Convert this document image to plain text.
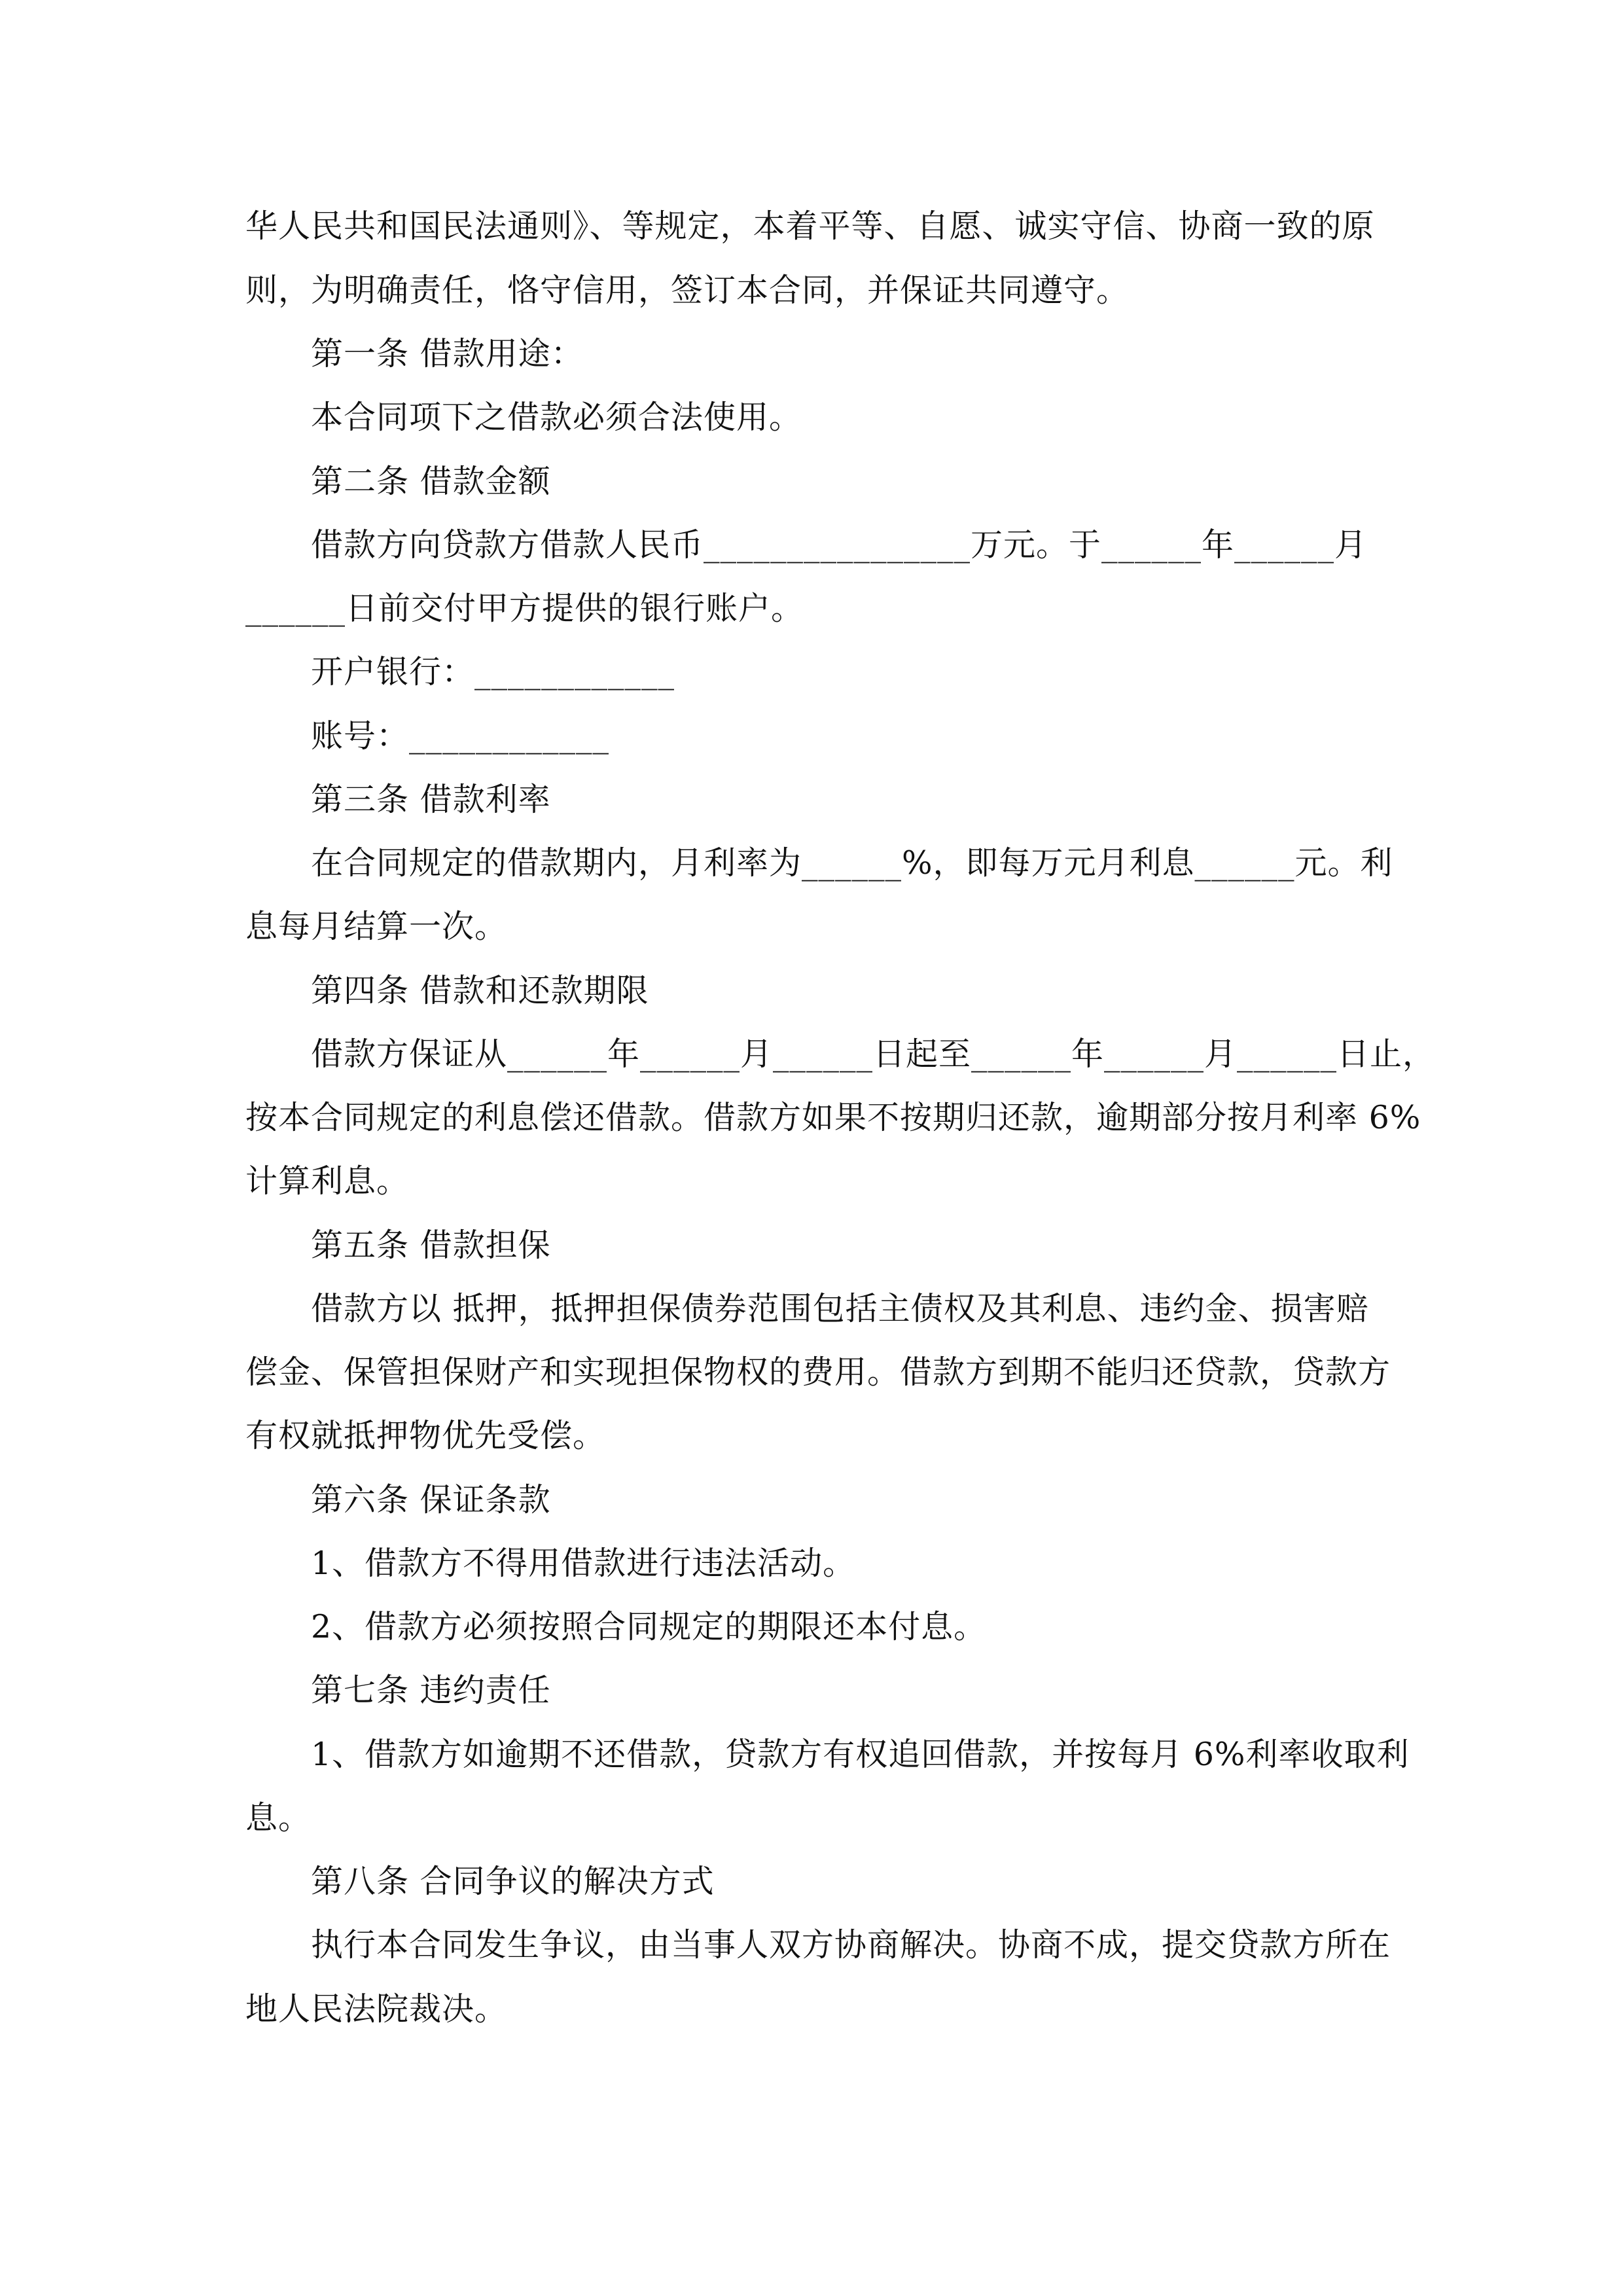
华人民共和国民法通则》、等规定，本着平等、自愿、诚实守信、协商一致的原
则，为明确责任，恪守信用，签订本合同，并保证共同遵守。
第一条 借款用途：
本合同项下之借款必须合法使用。
第二条 借款金额
借款方向贷款方借款人民币________________万元。于______年______月
______日前交付甲方提供的银行账户。
开户银行：____________
账号：____________
第三条 借款利率
在合同规定的借款期内，月利率为______%，即每万元月利息______元。利
息每月结算一次。
第四条 借款和还款期限
借款方保证从______年______月______日起至______年______月______日止，
按本合同规定的利息偿还借款。借款方如果不按期归还款，逾期部分按月利率 6%
计算利息。
第五条 借款担保
借款方以 抵押，抵押担保债券范围包括主债权及其利息、违约金、损害赔
偿金、保管担保财产和实现担保物权的费用。借款方到期不能归还贷款，贷款方
有权就抵押物优先受偿。
第六条 保证条款
1、借款方不得用借款进行违法活动。
2、借款方必须按照合同规定的期限还本付息。
第七条 违约责任
1、借款方如逾期不还借款，贷款方有权追回借款，并按每月 6%利率收取利
息。
第八条 合同争议的解决方式
执行本合同发生争议，由当事人双方协商解决。协商不成，提交贷款方所在
地人民法院裁决。
